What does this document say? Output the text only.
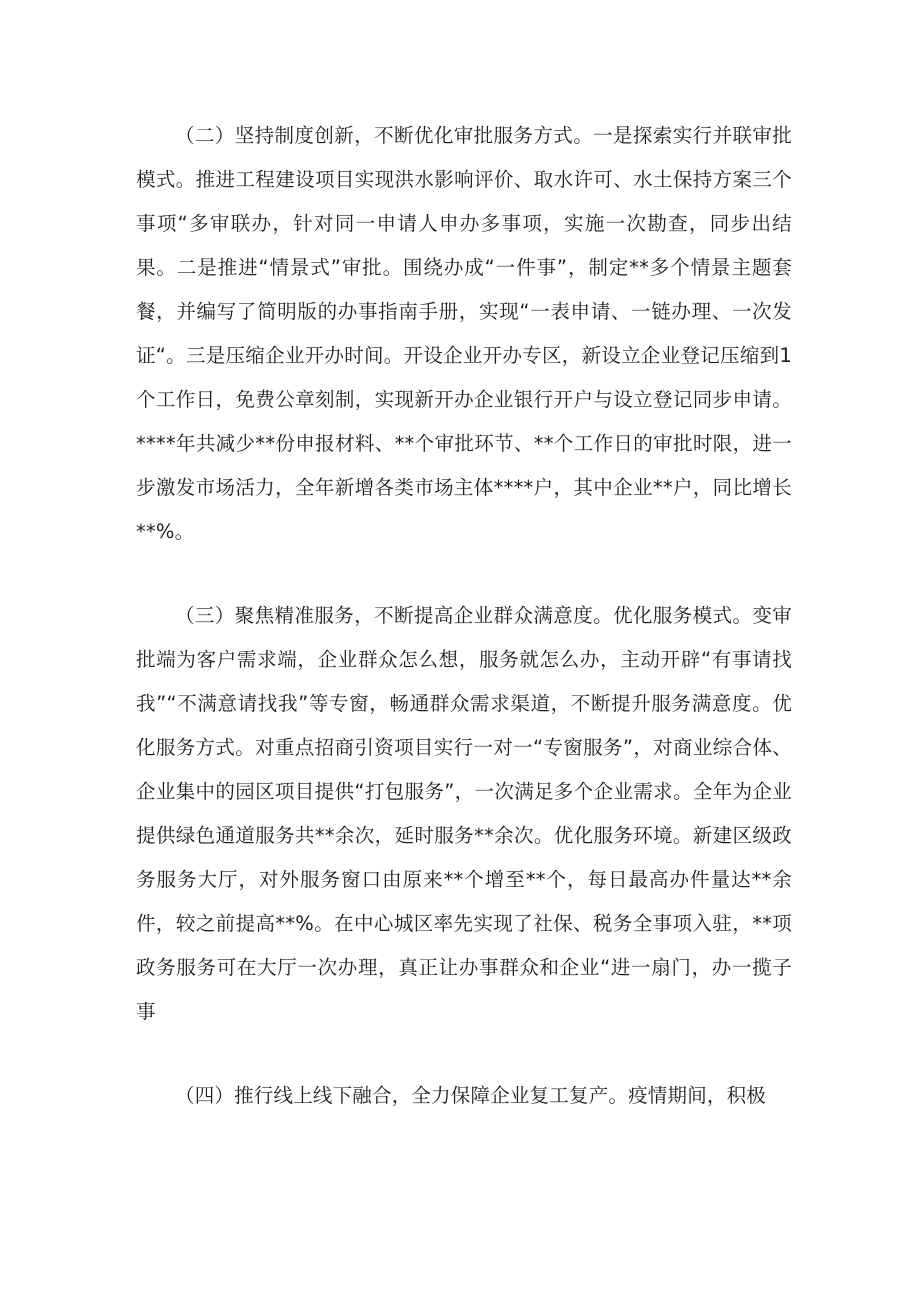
（二）坚持制度创新，不断优化审批服务方式。一是探索实行并联审批模式。推进工程建设项目实现洪水影响评价、取水许可、水土保持方案三个事项“多审联办，针对同一申请人申办多事项，实施一次勘查，同步出结果。二是推进“情景式”审批。围绕办成“一件事”，制定**多个情景主题套餐，并编写了简明版的办事指南手册，实现“一表申请、一链办理、一次发证“。三是压缩企业开办时间。开设企业开办专区，新设立企业登记压缩到1个工作日，免费公章刻制，实现新开办企业银行开户与设立登记同步申请。****年共减少**份申报材料、**个审批环节、**个工作日的审批时限，进一步激发市场活力，全年新增各类市场主体****户，其中企业**户，同比增长**%。

（三）聚焦精准服务，不断提高企业群众满意度。优化服务模式。变审批端为客户需求端，企业群众怎么想，服务就怎么办，主动开辟“有事请找我”“不满意请找我”等专窗，畅通群众需求渠道，不断提升服务满意度。优化服务方式。对重点招商引资项目实行一对一“专窗服务”，对商业综合体、企业集中的园区项目提供“打包服务”，一次满足多个企业需求。全年为企业提供绿色通道服务共**余次，延时服务**余次。优化服务环境。新建区级政务服务大厅，对外服务窗口由原来**个增至**个，每日最高办件量达**余件，较之前提高**%。在中心城区率先实现了社保、税务全事项入驻，**项政务服务可在大厅一次办理，真正让办事群众和企业“进一扇门，办一揽子事

（四）推行线上线下融合，全力保障企业复工复产。疫情期间，积极
